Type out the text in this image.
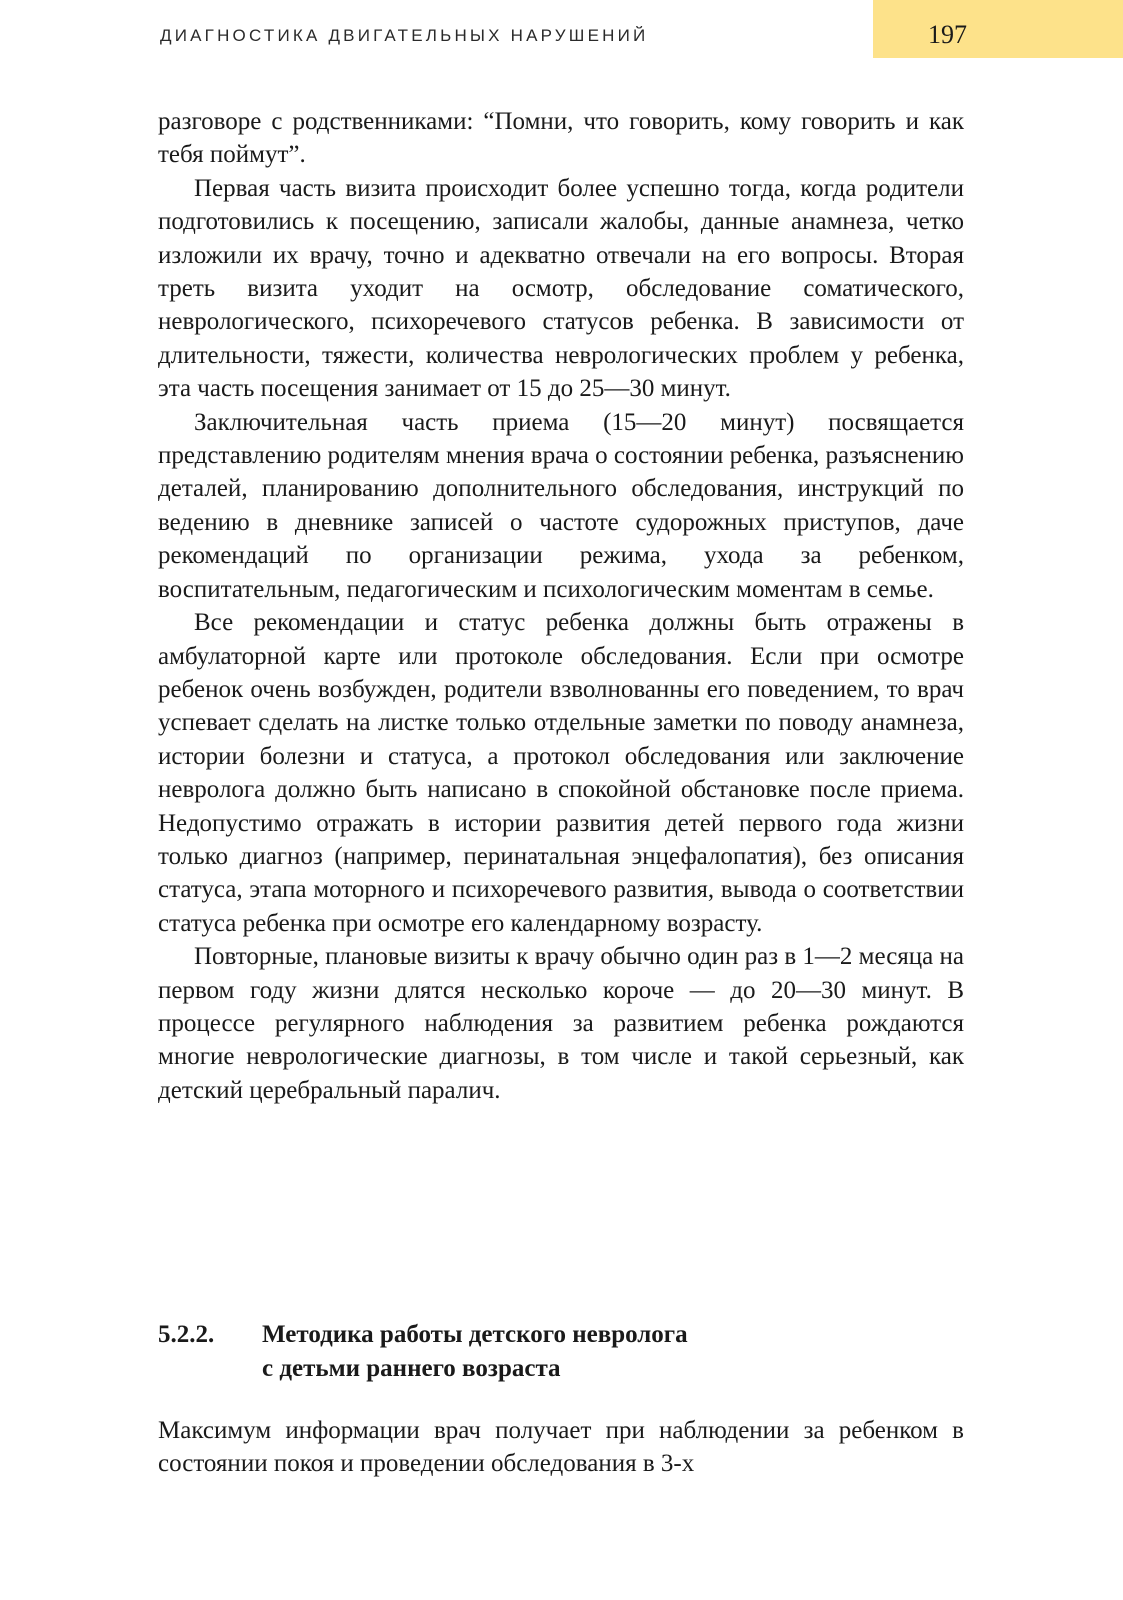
ДИАГНОСТИКА ДВИГАТЕЛЬНЫХ НАРУШЕНИЙ	197

разговоре с родственниками: “Помни, что говорить, кому говорить и как тебя поймут”.

Первая часть визита происходит более успешно тогда, когда родители подготовились к посещению, записали жалобы, данные анамнеза, четко изложили их врачу, точно и адекватно отвечали на его вопросы. Вторая треть визита уходит на осмотр, обследование соматического, неврологического, психоречевого статусов ребенка. В зависимости от длительности, тяжести, количества неврологических проблем у ребенка, эта часть посещения занимает от 15 до 25—30 минут.

Заключительная часть приема (15—20 минут) посвящается представлению родителям мнения врача о состоянии ребенка, разъяснению деталей, планированию дополнительного обследования, инструкций по ведению в дневнике записей о частоте судорожных приступов, даче рекомендаций по организации режима, ухода за ребенком, воспитательным, педагогическим и психологическим моментам в семье.

Все рекомендации и статус ребенка должны быть отражены в амбулаторной карте или протоколе обследования. Если при осмотре ребенок очень возбужден, родители взволнованны его поведением, то врач успевает сделать на листке только отдельные заметки по поводу анамнеза, истории болезни и статуса, а протокол обследования или заключение невролога должно быть написано в спокойной обстановке после приема. Недопустимо отражать в истории развития детей первого года жизни только диагноз (например, перинатальная энцефалопатия), без описания статуса, этапа моторного и психоречевого развития, вывода о соответствии статуса ребенка при осмотре его календарному возрасту.

Повторные, плановые визиты к врачу обычно один раз в 1—2 месяца на первом году жизни длятся несколько короче — до 20—30 минут. В процессе регулярного наблюдения за развитием ребенка рождаются многие неврологические диагнозы, в том числе и такой серьезный, как детский церебральный паралич.

5.2.2.	Методика работы детского невролога
с детьми раннего возраста

Максимум информации врач получает при наблюдении за ребенком в состоянии покоя и проведении обследования в 3-х
